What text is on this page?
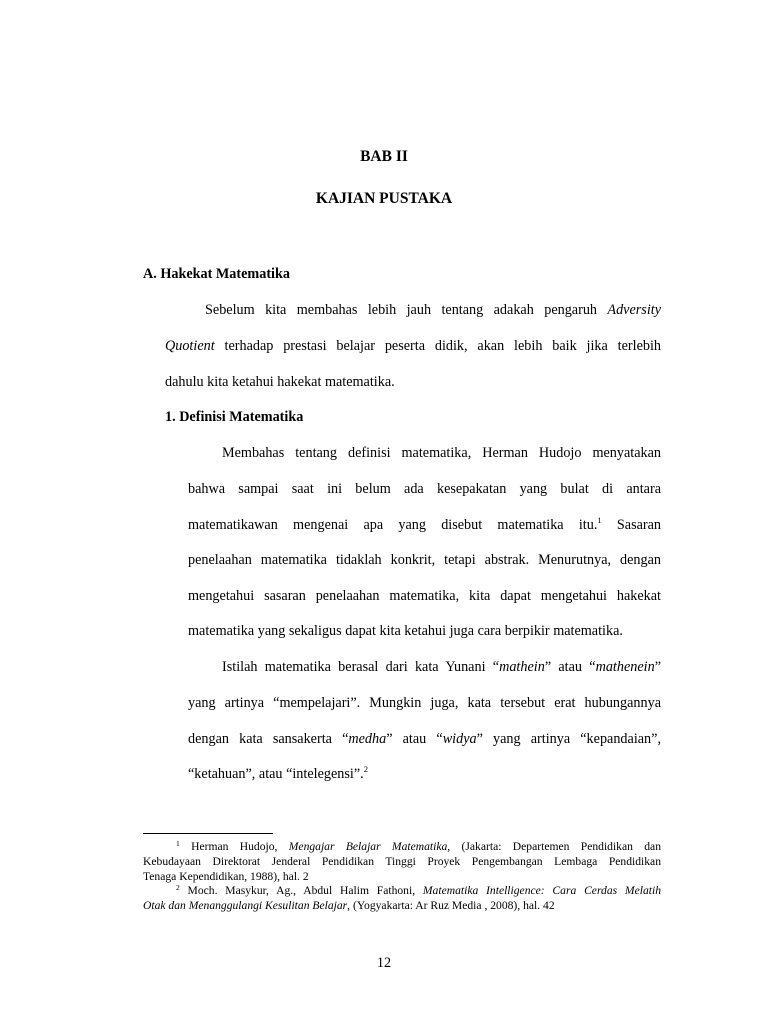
BAB II
KAJIAN PUSTAKA
A. Hakekat Matematika
Sebelum kita membahas lebih jauh tentang adakah pengaruh Adversity
Quotient terhadap prestasi belajar peserta didik, akan lebih baik jika terlebih
dahulu kita ketahui hakekat matematika.
1. Definisi Matematika
Membahas tentang definisi matematika, Herman Hudojo menyatakan
bahwa sampai saat ini belum ada kesepakatan yang bulat di antara
matematikawan mengenai apa yang disebut matematika itu.$^1$ Sasaran
penelaahan matematika tidaklah konkrit, tetapi abstrak. Menurutnya, dengan
mengetahui sasaran penelaahan matematika, kita dapat mengetahui hakekat
matematika yang sekaligus dapat kita ketahui juga cara berpikir matematika.
Istilah matematika berasal dari kata Yunani “mathein” atau “mathenein”
yang artinya “mempelajari”. Mungkin juga, kata tersebut erat hubungannya
dengan kata sansakerta “medha” atau “widya” yang artinya “kepandaian”,
“ketahuan”, atau “intelegensi”.$^2$
$^1$ Herman Hudojo, Mengajar Belajar Matematika, (Jakarta: Departemen Pendidikan dan
Kebudayaan Direktorat Jenderal Pendidikan Tinggi Proyek Pengembangan Lembaga Pendidikan
Tenaga Kependidikan, 1988), hal. 2
$^2$ Moch. Masykur, Ag., Abdul Halim Fathoni, Matematika Intelligence: Cara Cerdas Melatih
Otak dan Menanggulangi Kesulitan Belajar, (Yogyakarta: Ar Ruz Media , 2008), hal. 42
12
